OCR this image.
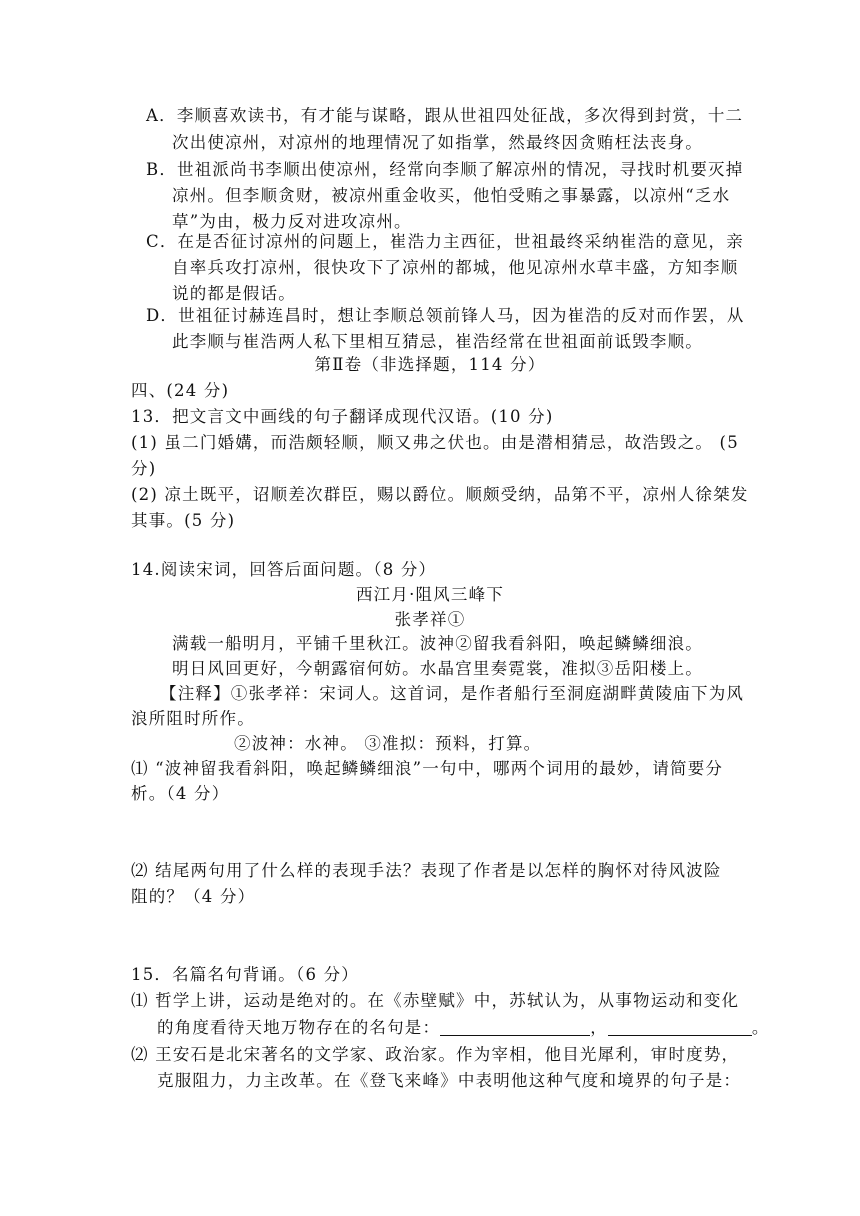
A．李顺喜欢读书，有才能与谋略，跟从世祖四处征战，多次得到封赏，十二
次出使凉州，对凉州的地理情况了如指掌，然最终因贪贿枉法丧身。
B．世祖派尚书李顺出使凉州，经常向李顺了解凉州的情况，寻找时机要灭掉
凉州。但李顺贪财，被凉州重金收买，他怕受贿之事暴露，以凉州“乏水
草”为由，极力反对进攻凉州。
C．在是否征讨凉州的问题上，崔浩力主西征，世祖最终采纳崔浩的意见，亲
自率兵攻打凉州，很快攻下了凉州的都城，他见凉州水草丰盛，方知李顺
说的都是假话。
D．世祖征讨赫连昌时，想让李顺总领前锋人马，因为崔浩的反对而作罢，从
此李顺与崔浩两人私下里相互猜忌，崔浩经常在世祖面前诋毁李顺。
第Ⅱ卷（非选择题，114 分）
四、(24 分)
13．把文言文中画线的句子翻译成现代汉语。(10 分)
(1) 虽二门婚媾，而浩颇轻顺，顺又弗之伏也。由是潜相猜忌，故浩毁之。 (5
分)
(2) 凉土既平，诏顺差次群臣，赐以爵位。顺颇受纳，品第不平，凉州人徐桀发
其事。(5 分)
14.阅读宋词，回答后面问题。（8 分）
西江月·阻风三峰下
张孝祥①
满载一船明月，平铺千里秋江。波神②留我看斜阳，唤起鳞鳞细浪。
明日风回更好，今朝露宿何妨。水晶宫里奏霓裳，准拟③岳阳楼上。
【注释】①张孝祥：宋词人。这首词，是作者船行至洞庭湖畔黄陵庙下为风
浪所阻时所作。
②波神：水神。 ③准拟：预料，打算。
⑴ “波神留我看斜阳，唤起鳞鳞细浪”一句中，哪两个词用的最妙，请简要分
析。（4 分）
⑵ 结尾两句用了什么样的表现手法？表现了作者是以怎样的胸怀对待风波险
阻的？（4 分）
15．名篇名句背诵。（6 分）
⑴ 哲学上讲，运动是绝对的。在《赤壁赋》中，苏轼认为，从事物运动和变化
的角度看待天地万物存在的名句是：	，	。
⑵ 王安石是北宋著名的文学家、政治家。作为宰相，他目光犀利，审时度势，
克服阻力，力主改革。在《登飞来峰》中表明他这种气度和境界的句子是：
